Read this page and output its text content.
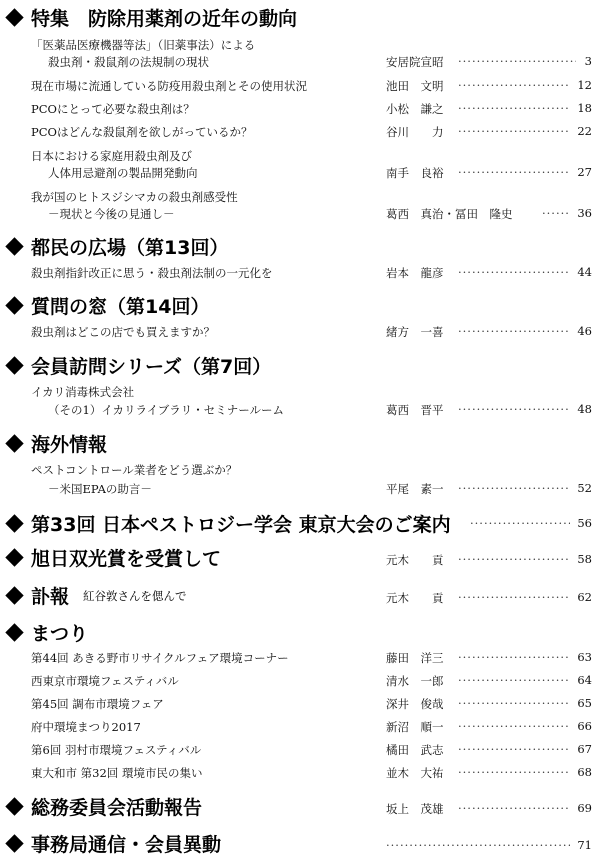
特集　防除用薬剤の近年の動向
「医薬品医療機器等法」（旧薬事法）による
殺虫剤・殺鼠剤の法規制の現状	安居院宣昭 ·····	3
現在市場に流通している防疫用殺虫剤とその使用状況	池田　文明 ·····	12
PCOにとって必要な殺虫剤は？	小松　謙之 ·····	18
PCOはどんな殺鼠剤を欲しがっているか？	谷川　　力 ·····	22
日本における家庭用殺虫剤及び
人体用忌避剤の製品開発動向	南手　良裕 ·····	27
我が国のヒトスジシマカの殺虫剤感受性
－現状と今後の見通し－	葛西　真治・冨田　隆史 ·····	36
都民の広場（第13回）
殺虫剤指針改正に思う・殺虫剤法制の一元化を	岩本　龍彦 ·····	44
質問の窓（第14回）
殺虫剤はどこの店でも買えますか？	緒方　一喜 ·····	46
会員訪問シリーズ（第7回）
イカリ消毒株式会社
（その1）イカリライブラリ・セミナールーム	葛西　晋平 ·····	48
海外情報
ペストコントロール業者をどう選ぶか？
－米国EPAの助言－	平尾　素一 ·····	52
第33回 日本ペストロジー学会 東京大会のご案内 ·····	56
旭日双光賞を受賞して	元木　　貢 ·····	58
訃報 紅谷敦さんを偲んで	元木　　貢 ·····	62
まつり
第44回 あきる野市リサイクルフェア環境コーナー	藤田　洋三 ·····	63
西東京市環境フェスティバル	清水　一郎 ·····	64
第45回 調布市環境フェア	深井　俊哉 ·····	65
府中環境まつり2017	新沼　順一 ·····	66
第6回 羽村市環境フェスティバル	橘田　武志 ·····	67
東大和市 第32回 環境市民の集い	並木　大祐 ·····	68
総務委員会活動報告	坂上　茂雄 ·····	69
事務局通信・会員異動 ·····	71
